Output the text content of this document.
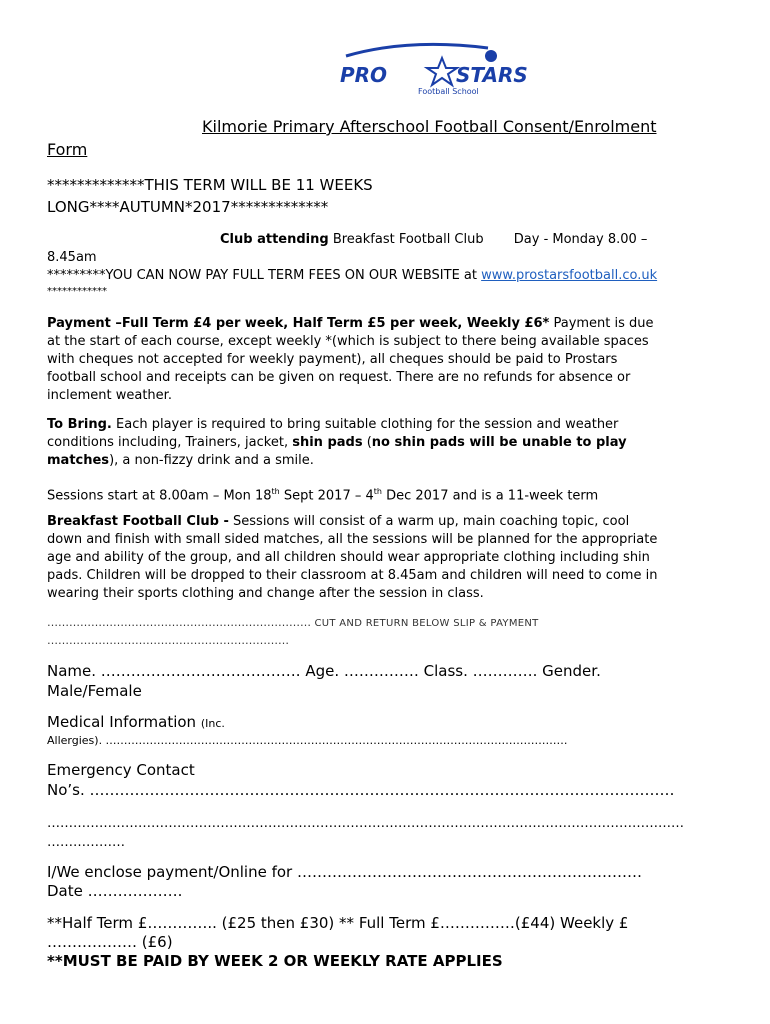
PRO	STARS
Football School
Kilmorie Primary Afterschool Football Consent/Enrolment
Form
*************THIS TERM WILL BE 11 WEEKS
LONG****AUTUMN*2017*************
Club attending Breakfast Football Club Day - Monday 8.00 –
8.45am
*********YOU CAN NOW PAY FULL TERM FEES ON OUR WEBSITE at www.prostarsfootball.co.uk
************

Payment –Full Term £4 per week, Half Term £5 per week, Weekly £6* Payment is due

at the start of each course, except weekly *(which is subject to there being available spaces

with cheques not accepted for weekly payment), all cheques should be paid to Prostars

football school and receipts can be given on request. There are no refunds for absence or

inclement weather.

To Bring. Each player is required to bring suitable clothing for the session and weather

conditions including, Trainers, jacket, shin pads (no shin pads will be unable to play

matches), a non-fizzy drink and a smile.

Sessions start at 8.00am – Mon 18th Sept 2017 – 4th Dec 2017 and is a 11-week term

Breakfast Football Club - Sessions will consist of a warm up, main coaching topic, cool

down and finish with small sided matches, all the sessions will be planned for the appropriate

age and ability of the group, and all children should wear appropriate clothing including shin

pads. Children will be dropped to their classroom at 8.45am and children will need to come in

wearing their sports clothing and change after the session in class.

……………………………………………………………… CUT AND RETURN BELOW SLIP & PAYMENT
…………………………………………………………
Name. …………………………………. Age. …………… Class. …………. Gender.
Male/Female
Medical Information (Inc.
Allergies). ………………………………………………………………………………………………………………
Emergency Contact
No’s. ………………………………………………………………………………………………………
…………………………………………………………………………………………………………………………………
………………
I/We enclose payment/Online for ……………………………………………………………
Date ……………….
**Half Term £………….. (£25 then £30) ** Full Term £……………(£44) Weekly £
……………… (£6)
**MUST BE PAID BY WEEK 2 OR WEEKLY RATE APPLIES
